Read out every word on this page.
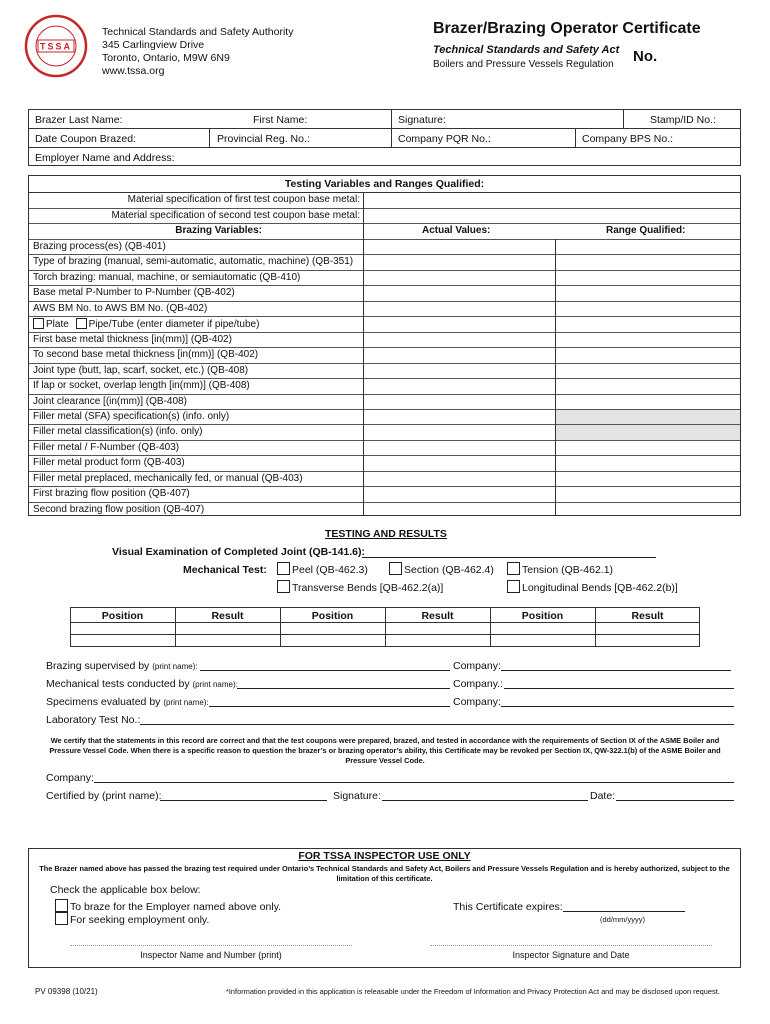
TSSA
Technical Standards and Safety Authority
345 Carlingview Drive
Toronto, Ontario, M9W 6N9
www.tssa.org
Brazer/Brazing Operator Certificate
Technical Standards and Safety Act No.
Boilers and Pressure Vessels Regulation
Brazer Last Name:	First Name:	Signature:	Stamp/ID No.:
Date Coupon Brazed:	Provincial Reg. No.:	Company PQR No.:	Company BPS No.:
Employer Name and Address:
Testing Variables and Ranges Qualified:
Material specification of first test coupon base metal:
Material specification of second test coupon base metal:
Brazing Variables:	Actual Values:	Range Qualified:
Brazing process(es) (QB-401)
Type of brazing (manual, semi-automatic, automatic, machine) (QB-351)
Torch brazing: manual, machine, or semiautomatic (QB-410)
Base metal P-Number to P-Number (QB-402)
AWS BM No. to AWS BM No. (QB-402)
Plate Pipe/Tube (enter diameter if pipe/tube)
First base metal thickness [in(mm)] (QB-402)
To second base metal thickness [in(mm)] (QB-402)
Joint type (butt, lap, scarf, socket, etc.) (QB-408)
If lap or socket, overlap length [in(mm)] (QB-408)
Joint clearance [(in(mm)] (QB-408)
Filler metal (SFA) specification(s) (info. only)
Filler metal classification(s) (info. only)
Filler metal / F-Number (QB-403)
Filler metal product form (QB-403)
Filler metal preplaced, mechanically fed, or manual (QB-403)
First brazing flow position (QB-407)
Second brazing flow position (QB-407)
TESTING AND RESULTS
Visual Examination of Completed Joint (QB-141.6):
Mechanical Test:	Peel (QB-462.3)	Section (QB-462.4)	Tension (QB-462.1)
Transverse Bends [QB-462.2(a)]	Longitudinal Bends [QB-462.2(b)]
Position	Result	Position	Result	Position	Result
Brazing supervised by (print name):	Company:
Mechanical tests conducted by (print name):	Company.:
Specimens evaluated by (print name):	Company:
Laboratory Test No.:
We certify that the statements in this record are correct and that the test coupons were prepared, brazed, and tested in accordance with the requirements of Section IX of the ASME Boiler and Pressure Vessel Code. When there is a specific reason to question the brazer’s or brazing operator’s ability, this Certificate may be revoked per Section IX, QW-322.1(b) of the ASME Boiler and Pressure Vessel Code.
Company:
Certified by (print name):	Signature:	Date:
FOR TSSA INSPECTOR USE ONLY
The Brazer named above has passed the brazing test required under Ontario’s Technical Standards and Safety Act, Boilers and Pressure Vessels Regulation and is hereby authorized, subject to the limitation of this certificate.
Check the applicable box below:
To braze for the Employer named above only.
For seeking employment only.
This Certificate expires:
(dd/mm/yyyy)
Inspector Name and Number (print)	Inspector Signature and Date
PV 09398 (10/21)	*Information provided in this application is releasable under the Freedom of Information and Privacy Protection Act and may be disclosed upon request.
